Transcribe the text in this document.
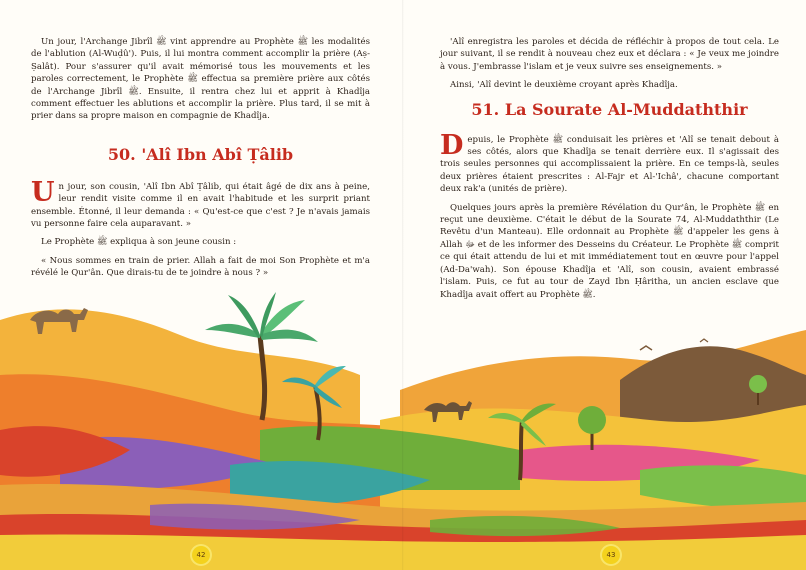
Un jour, l'Archange Jibrîl ﷺ vint apprendre au Prophète ﷺ les modalités de l'ablution (Al-Wuḍû'). Puis, il lui montra comment accomplir la prière (Aṣ-Ṣalât). Pour s'assurer qu'il avait mémorisé tous les mouvements et les paroles correctement, le Prophète ﷺ effectua sa première prière aux côtés de l'Archange Jibrîl ﷺ. Ensuite, il rentra chez lui et apprit à Khadîja comment effectuer les ablutions et accomplir la prière. Plus tard, il se mit à prier dans sa propre maison en compagnie de Khadîja.

50. 'Alî Ibn Abî Ṭâlib

Un jour, son cousin, 'Alî Ibn Abî Ṭâlib, qui était âgé de dix ans à peine, leur rendit visite comme il en avait l'habitude et les surprit priant ensemble. Étonné, il leur demanda : « Qu'est-ce que c'est ? Je n'avais jamais vu personne faire cela auparavant. »

Le Prophète ﷺ expliqua à son jeune cousin :

« Nous sommes en train de prier. Allah a fait de moi Son Prophète et m'a révélé le Qur'ân. Que dirais-tu de te joindre à nous ? »

'Alî enregistra les paroles et décida de réfléchir à propos de tout cela. Le jour suivant, il se rendit à nouveau chez eux et déclara : « Je veux me joindre à vous. J'embrasse l'islam et je veux suivre ses enseignements. »

Ainsi, 'Alî devint le deuxième croyant après Khadîja.

51. La Sourate Al-Muddaththir

Depuis, le Prophète ﷺ conduisait les prières et 'Alî se tenait debout à ses côtés, alors que Khadîja se tenait derrière eux. Il s'agissait des trois seules personnes qui accomplissaient la prière. En ce temps-là, seules deux prières étaient prescrites : Al-Fajr et Al-'Ichâ', chacune comportant deux rak'a (unités de prière).

Quelques jours après la première Révélation du Qur'ân, le Prophète ﷺ en reçut une deuxième. C'était le début de la Sourate 74, Al-Muddaththir (Le Revêtu d'un Manteau). Elle ordonnait au Prophète ﷺ d'appeler les gens à Allah ﷻ et de les informer des Desseins du Créateur. Le Prophète ﷺ comprit ce qui était attendu de lui et mit immédiatement tout en œuvre pour l'appel (Ad-Da'wah). Son épouse Khadîja et 'Alî, son cousin, avaient embrassé l'islam. Puis, ce fut au tour de Zayd Ibn Ḥâritha, un ancien esclave que Khadîja avait offert au Prophète ﷺ.

42	43
